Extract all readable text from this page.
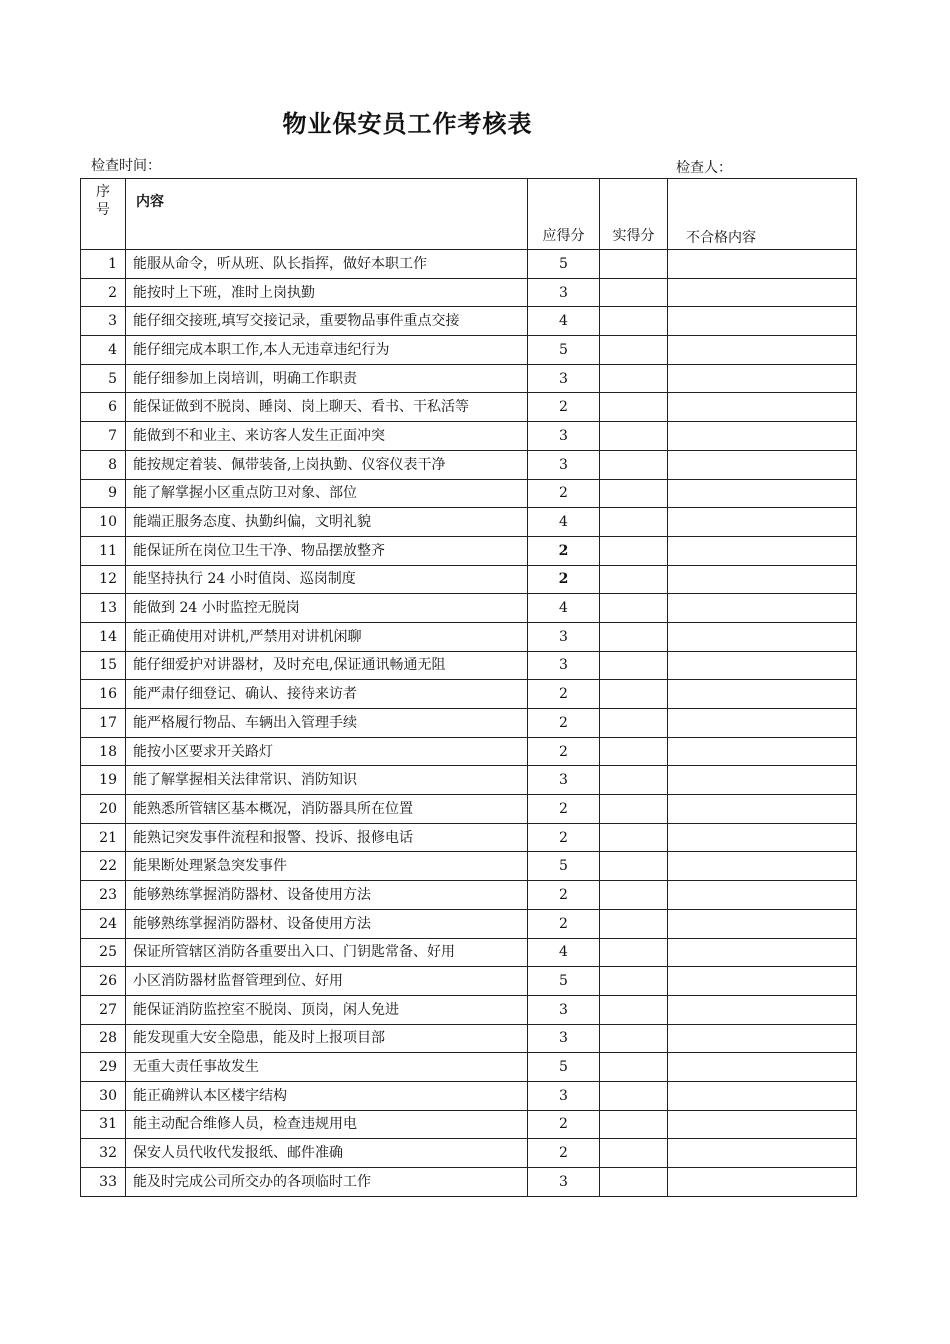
物业保安员工作考核表
检查时间：	检查人：
序
号	内容	应得分	实得分	不合格内容
1	能服从命令，听从班、队长指挥，做好本职工作	5		
2	能按时上下班，准时上岗执勤	3		
3	能仔细交接班,填写交接记录，重要物品事件重点交接	4		
4	能仔细完成本职工作,本人无违章违纪行为	5		
5	能仔细参加上岗培训，明确工作职责	3		
6	能保证做到不脱岗、睡岗、岗上聊天、看书、干私活等	2		
7	能做到不和业主、来访客人发生正面冲突	3		
8	能按规定着装、佩带装备,上岗执勤、仪容仪表干净	3		
9	能了解掌握小区重点防卫对象、部位	2		
10	能端正服务态度、执勤纠偏，文明礼貌	4		
11	能保证所在岗位卫生干净、物品摆放整齐	2		
12	能坚持执行 24 小时值岗、巡岗制度	2		
13	能做到 24 小时监控无脱岗	4		
14	能正确使用对讲机,严禁用对讲机闲聊	3		
15	能仔细爱护对讲器材，及时充电,保证通讯畅通无阻	3		
16	能严肃仔细登记、确认、接待来访者	2		
17	能严格履行物品、车辆出入管理手续	2		
18	能按小区要求开关路灯	2		
19	能了解掌握相关法律常识、消防知识	3		
20	能熟悉所管辖区基本概况，消防器具所在位置	2		
21	能熟记突发事件流程和报警、投诉、报修电话	2		
22	能果断处理紧急突发事件	5		
23	能够熟练掌握消防器材、设备使用方法	2		
24	能够熟练掌握消防器材、设备使用方法	2		
25	保证所管辖区消防各重要出入口、门钥匙常备、好用	4		
26	小区消防器材监督管理到位、好用	5		
27	能保证消防监控室不脱岗、顶岗，闲人免进	3		
28	能发现重大安全隐患，能及时上报项目部	3		
29	无重大责任事故发生	5		
30	能正确辨认本区楼宇结构	3		
31	能主动配合维修人员，检查违规用电	2		
32	保安人员代收代发报纸、邮件准确	2		
33	能及时完成公司所交办的各项临时工作	3		
